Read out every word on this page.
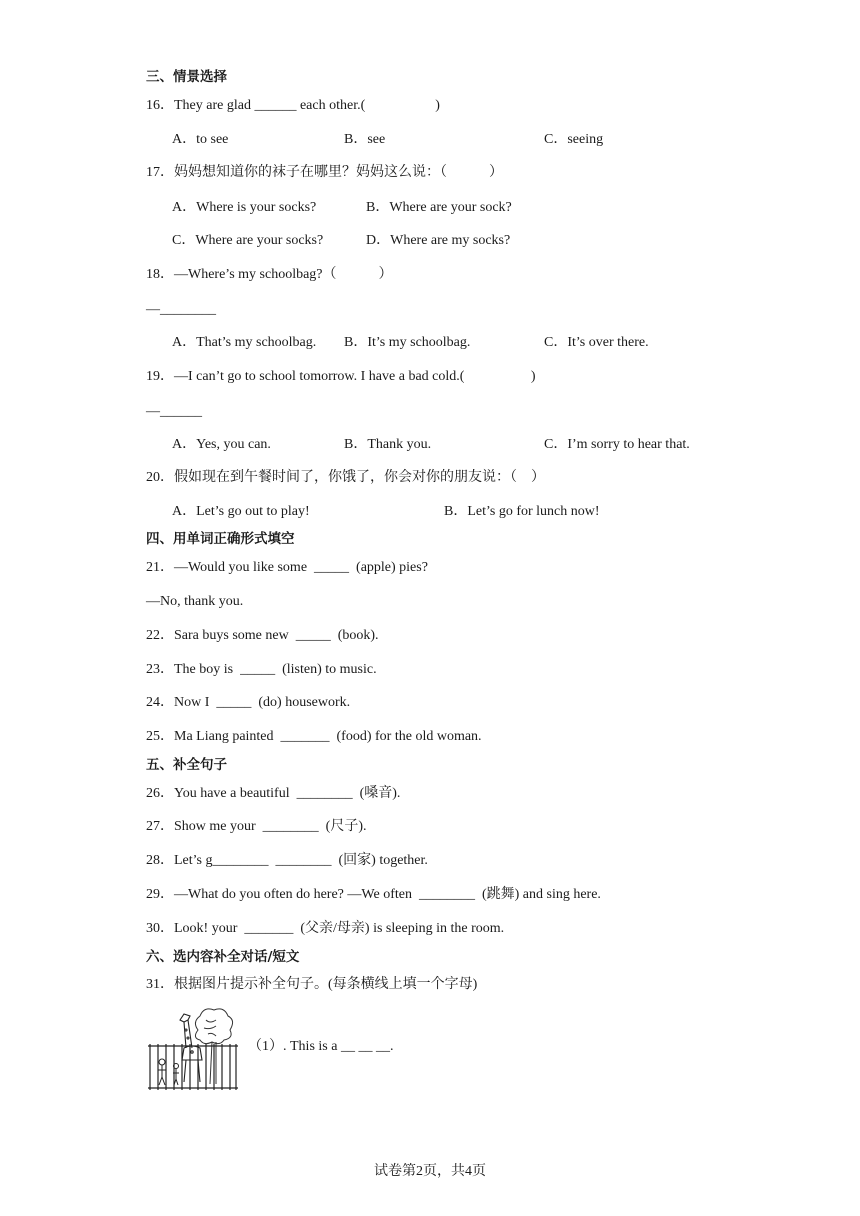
三、情景选择
16．They are glad ______ each other.(                    )
A．to see	B．see	C．seeing
17．妈妈想知道你的袜子在哪里？妈妈这么说：（            ）
A．Where is your socks?	B．Where are your sock?
C．Where are your socks?	D．Where are my socks?
18．—Where’s my schoolbag?（            ）
—________
A．That’s my schoolbag. B．It’s my schoolbag.	C．It’s over there.
19．—I can’t go to school tomorrow. I have a bad cold.(                   )
—______
A．Yes, you can.	B．Thank you.	C．I’m sorry to hear that.
20．假如现在到午餐时间了，你饿了，你会对你的朋友说：（    ）
A．Let’s go out to play!	B．Let’s go for lunch now!
四、用单词正确形式填空
21．—Would you like some  _____  (apple) pies?
—No, thank you.
22．Sara buys some new  _____  (book).
23．The boy is  _____  (listen) to music.
24．Now I  _____  (do) housework.
25．Ma Liang painted  _______  (food) for the old woman.
五、补全句子
26．You have a beautiful  ________  (嗓音).
27．Show me your  ________  (尺子).
28．Let’s g________  ________  (回家) together.
29．—What do you often do here? —We often  ________  (跳舞) and sing here.
30．Look! your  _______  (父亲/母亲) is sleeping in the room.
六、选内容补全对话/短文
31．根据图片提示补全句子。(每条横线上填一个字母)
（1）. This is a __ __ __.
试卷第2页，共4页
